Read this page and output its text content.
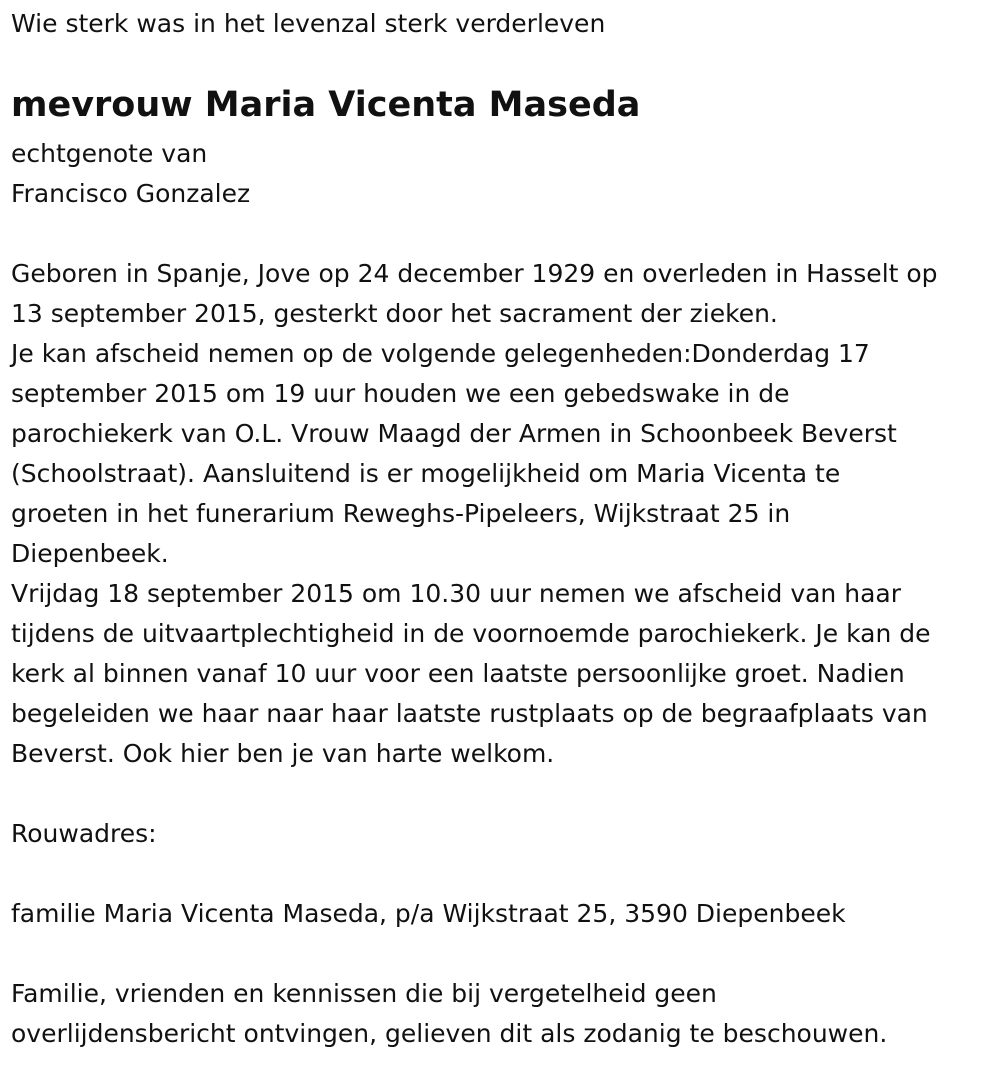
Wie sterk was in het levenzal sterk verderleven
mevrouw Maria Vicenta Maseda
echtgenote van
Francisco Gonzalez
Geboren in Spanje, Jove op 24 december 1929 en overleden in Hasselt op
13 september 2015, gesterkt door het sacrament der zieken.
Je kan afscheid nemen op de volgende gelegenheden:Donderdag 17
september 2015 om 19 uur houden we een gebedswake in de
parochiekerk van O.L. Vrouw Maagd der Armen in Schoonbeek Beverst
(Schoolstraat). Aansluitend is er mogelijkheid om Maria Vicenta te
groeten in het funerarium Reweghs-Pipeleers, Wijkstraat 25 in
Diepenbeek.
Vrijdag 18 september 2015 om 10.30 uur nemen we afscheid van haar
tijdens de uitvaartplechtigheid in de voornoemde parochiekerk. Je kan de
kerk al binnen vanaf 10 uur voor een laatste persoonlijke groet. Nadien
begeleiden we haar naar haar laatste rustplaats op de begraafplaats van
Beverst. Ook hier ben je van harte welkom.
Rouwadres:
familie Maria Vicenta Maseda, p/a Wijkstraat 25, 3590 Diepenbeek
Familie, vrienden en kennissen die bij vergetelheid geen
overlijdensbericht ontvingen, gelieven dit als zodanig te beschouwen.
